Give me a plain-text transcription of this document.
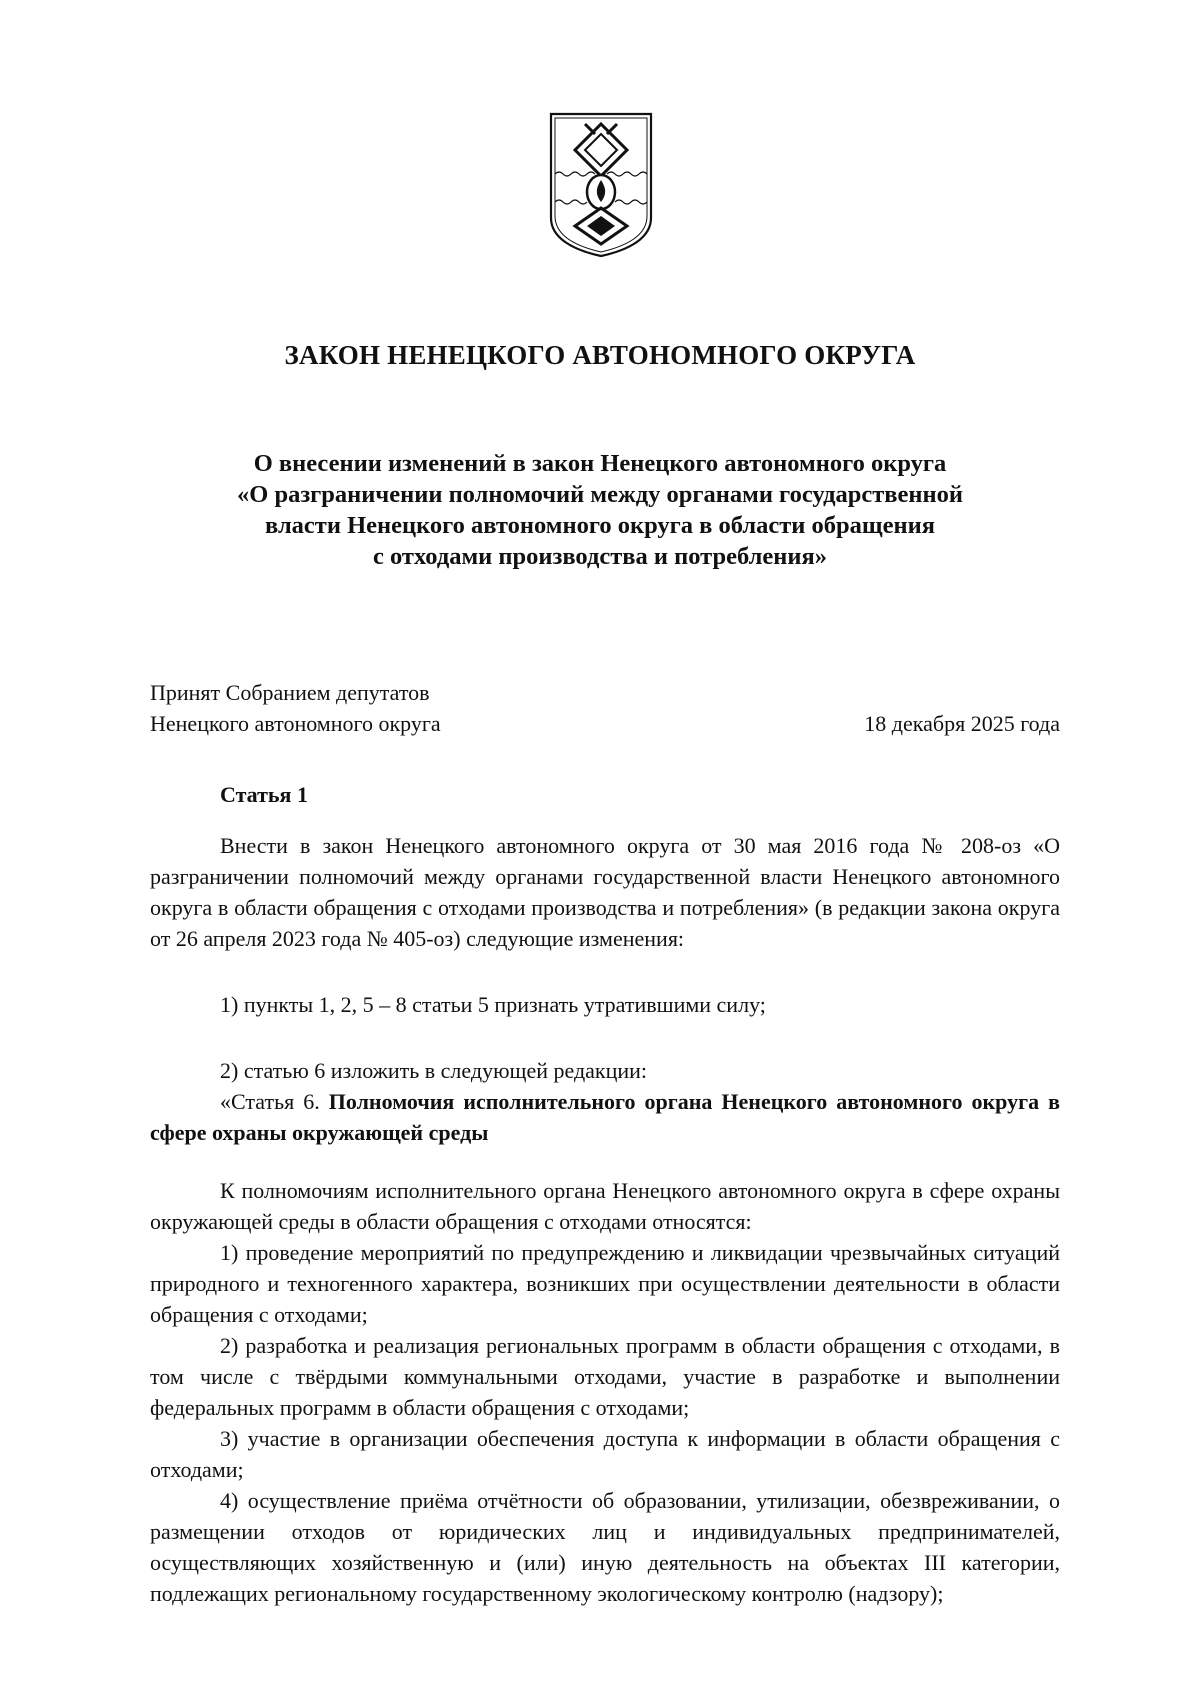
ЗАКОН НЕНЕЦКОГО АВТОНОМНОГО ОКРУГА
О внесении изменений в закон Ненецкого автономного округа
«О разграничении полномочий между органами государственной
власти Ненецкого автономного округа в области обращения
с отходами производства и потребления»
Принят Собранием депутатов
Ненецкого автономного округа	18 декабря 2025 года
Статья 1

Внести в закон Ненецкого автономного округа от 30 мая 2016 года № 208-оз «О разграничении полномочий между органами государственной власти Ненецкого автономного округа в области обращения с отходами производства и потребления» (в редакции закона округа от 26 апреля 2023 года № 405-оз) следующие изменения:

1) пункты 1, 2, 5 – 8 статьи 5 признать утратившими силу;

2) статью 6 изложить в следующей редакции:

«Статья 6. Полномочия исполнительного органа Ненецкого автономного округа в сфере охраны окружающей среды

К полномочиям исполнительного органа Ненецкого автономного округа в сфере охраны окружающей среды в области обращения с отходами относятся:

1) проведение мероприятий по предупреждению и ликвидации чрезвычайных ситуаций природного и техногенного характера, возникших при осуществлении деятельности в области обращения с отходами;

2) разработка и реализация региональных программ в области обращения с отходами, в том числе с твёрдыми коммунальными отходами, участие в разработке и выполнении федеральных программ в области обращения с отходами;

3) участие в организации обеспечения доступа к информации в области обращения с отходами;

4) осуществление приёма отчётности об образовании, утилизации, обезвреживании, о размещении отходов от юридических лиц и индивидуальных предпринимателей, осуществляющих хозяйственную и (или) иную деятельность на объектах III категории, подлежащих региональному государственному экологическому контролю (надзору);
